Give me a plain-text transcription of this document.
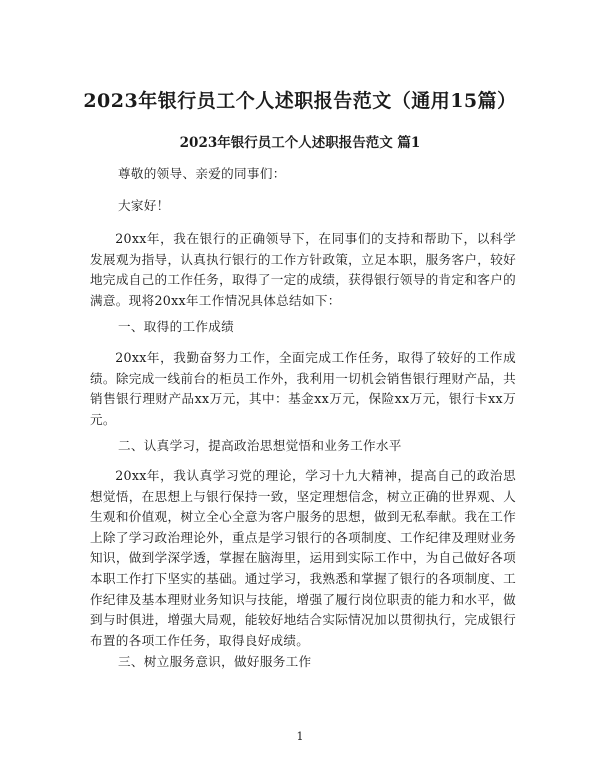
2023年银行员工个人述职报告范文（通用15篇）
2023年银行员工个人述职报告范文 篇1

尊敬的领导、亲爱的同事们：

大家好！

20xx年，我在银行的正确领导下，在同事们的支持和帮助下，以科学发展观为指导，认真执行银行的工作方针政策，立足本职，服务客户，较好地完成自己的工作任务，取得了一定的成绩，获得银行领导的肯定和客户的满意。现将20xx年工作情况具体总结如下：

一、取得的工作成绩

20xx年，我勤奋努力工作，全面完成工作任务，取得了较好的工作成绩。除完成一线前台的柜员工作外，我利用一切机会销售银行理财产品，共销售银行理财产品xx万元，其中：基金xx万元，保险xx万元，银行卡xx万元。

二、认真学习，提高政治思想觉悟和业务工作水平

20xx年，我认真学习党的理论，学习十九大精神，提高自己的政治思想觉悟，在思想上与银行保持一致，坚定理想信念，树立正确的世界观、人生观和价值观，树立全心全意为客户服务的思想，做到无私奉献。我在工作上除了学习政治理论外，重点是学习银行的各项制度、工作纪律及理财业务知识，做到学深学透，掌握在脑海里，运用到实际工作中，为自己做好各项本职工作打下坚实的基础。通过学习，我熟悉和掌握了银行的各项制度、工作纪律及基本理财业务知识与技能，增强了履行岗位职责的能力和水平，做到与时俱进，增强大局观，能较好地结合实际情况加以贯彻执行，完成银行布置的各项工作任务，取得良好成绩。

三、树立服务意识，做好服务工作

1
